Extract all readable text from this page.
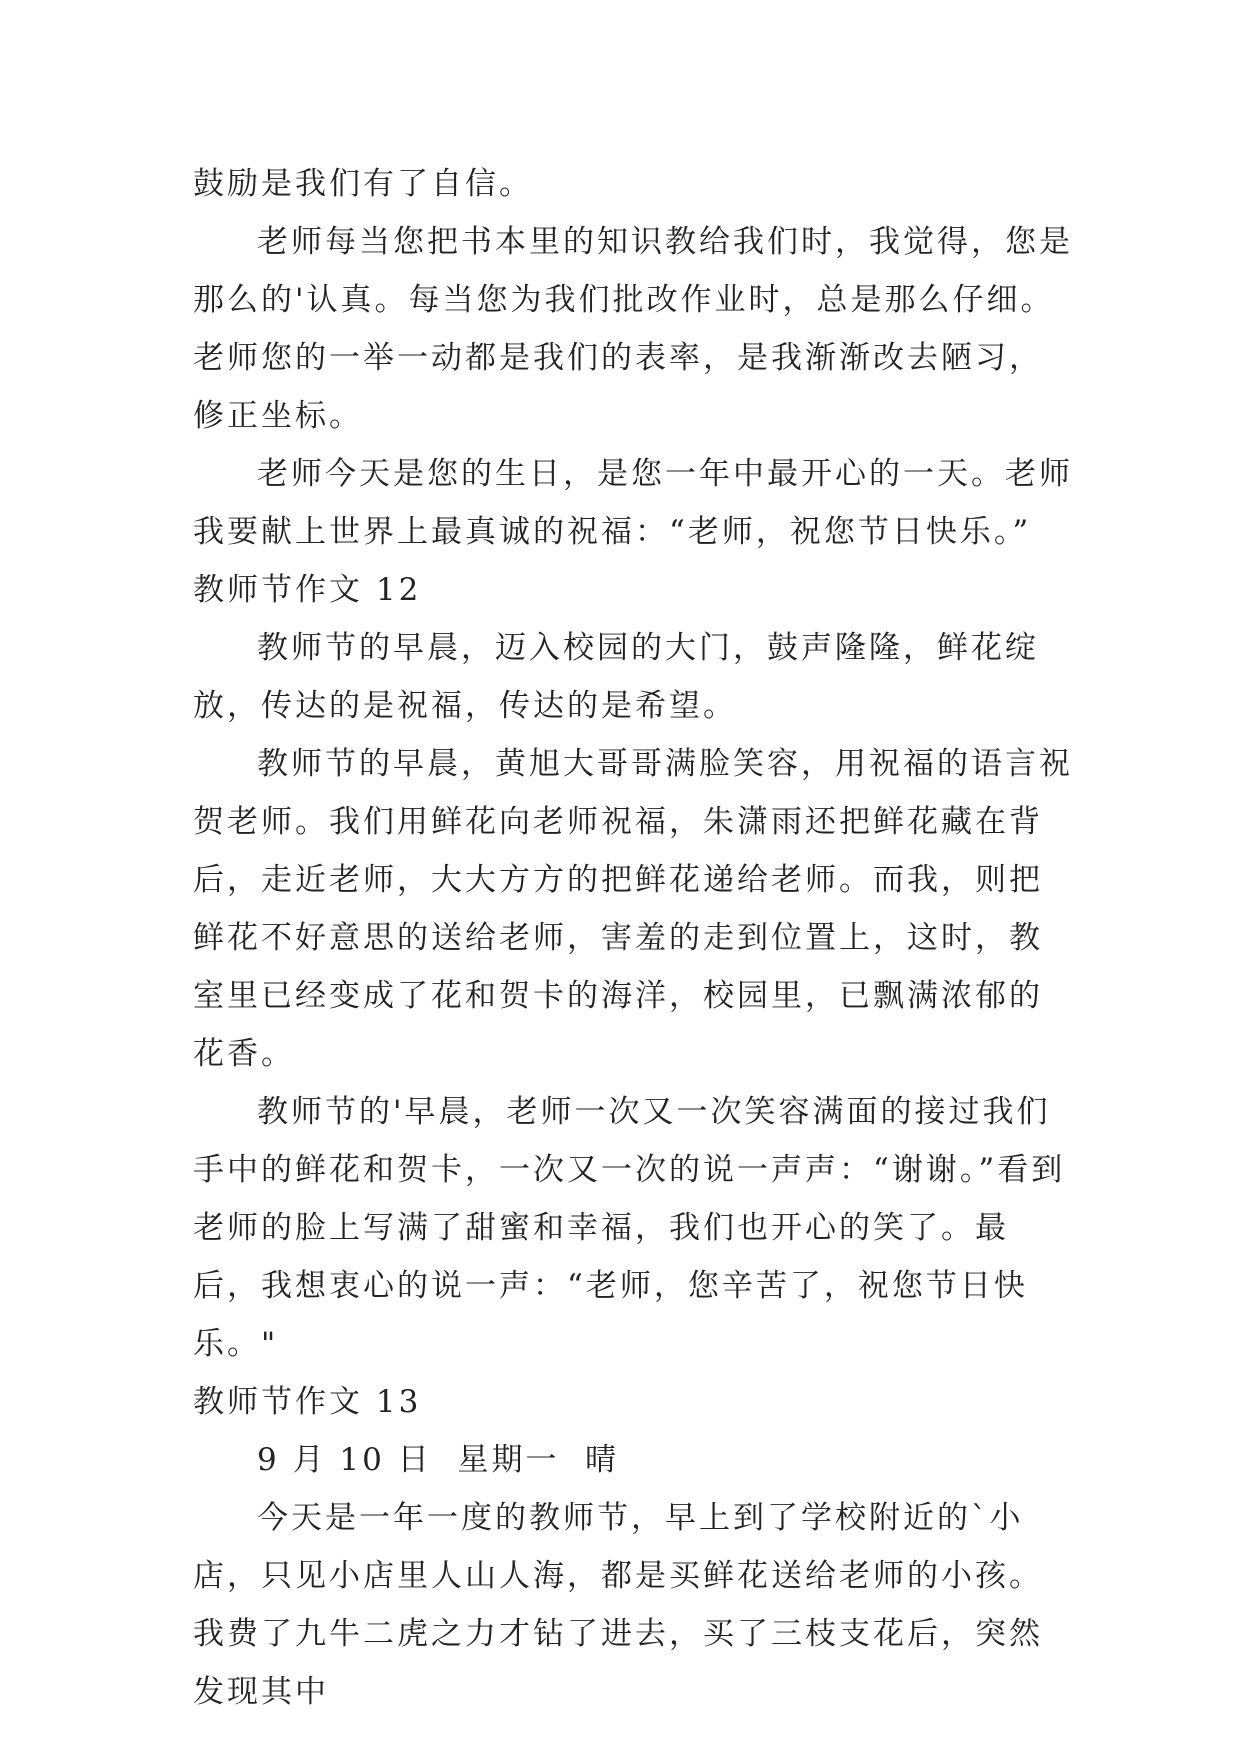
鼓励是我们有了自信。

老师每当您把书本里的知识教给我们时，我觉得，您是那么的'认真。每当您为我们批改作业时，总是那么仔细。老师您的一举一动都是我们的表率，是我渐渐改去陋习，修正坐标。

老师今天是您的生日，是您一年中最开心的一天。老师我要献上世界上最真诚的祝福：“老师，祝您节日快乐。”

教师节作文 12

教师节的早晨，迈入校园的大门，鼓声隆隆，鲜花绽放，传达的是祝福，传达的是希望。

教师节的早晨，黄旭大哥哥满脸笑容，用祝福的语言祝贺老师。我们用鲜花向老师祝福，朱潇雨还把鲜花藏在背后，走近老师，大大方方的把鲜花递给老师。而我，则把鲜花不好意思的送给老师，害羞的走到位置上，这时，教室里已经变成了花和贺卡的海洋，校园里，已飘满浓郁的花香。

教师节的'早晨，老师一次又一次笑容满面的接过我们手中的鲜花和贺卡，一次又一次的说一声声：“谢谢。”看到老师的脸上写满了甜蜜和幸福，我们也开心的笑了。最后，我想衷心的说一声：“老师，您辛苦了，祝您节日快乐。"

教师节作文 13

9 月 10 日  星期一  晴

今天是一年一度的教师节，早上到了学校附近的`小店，只见小店里人山人海，都是买鲜花送给老师的小孩。我费了九牛二虎之力才钻了进去，买了三枝支花后，突然发现其中
